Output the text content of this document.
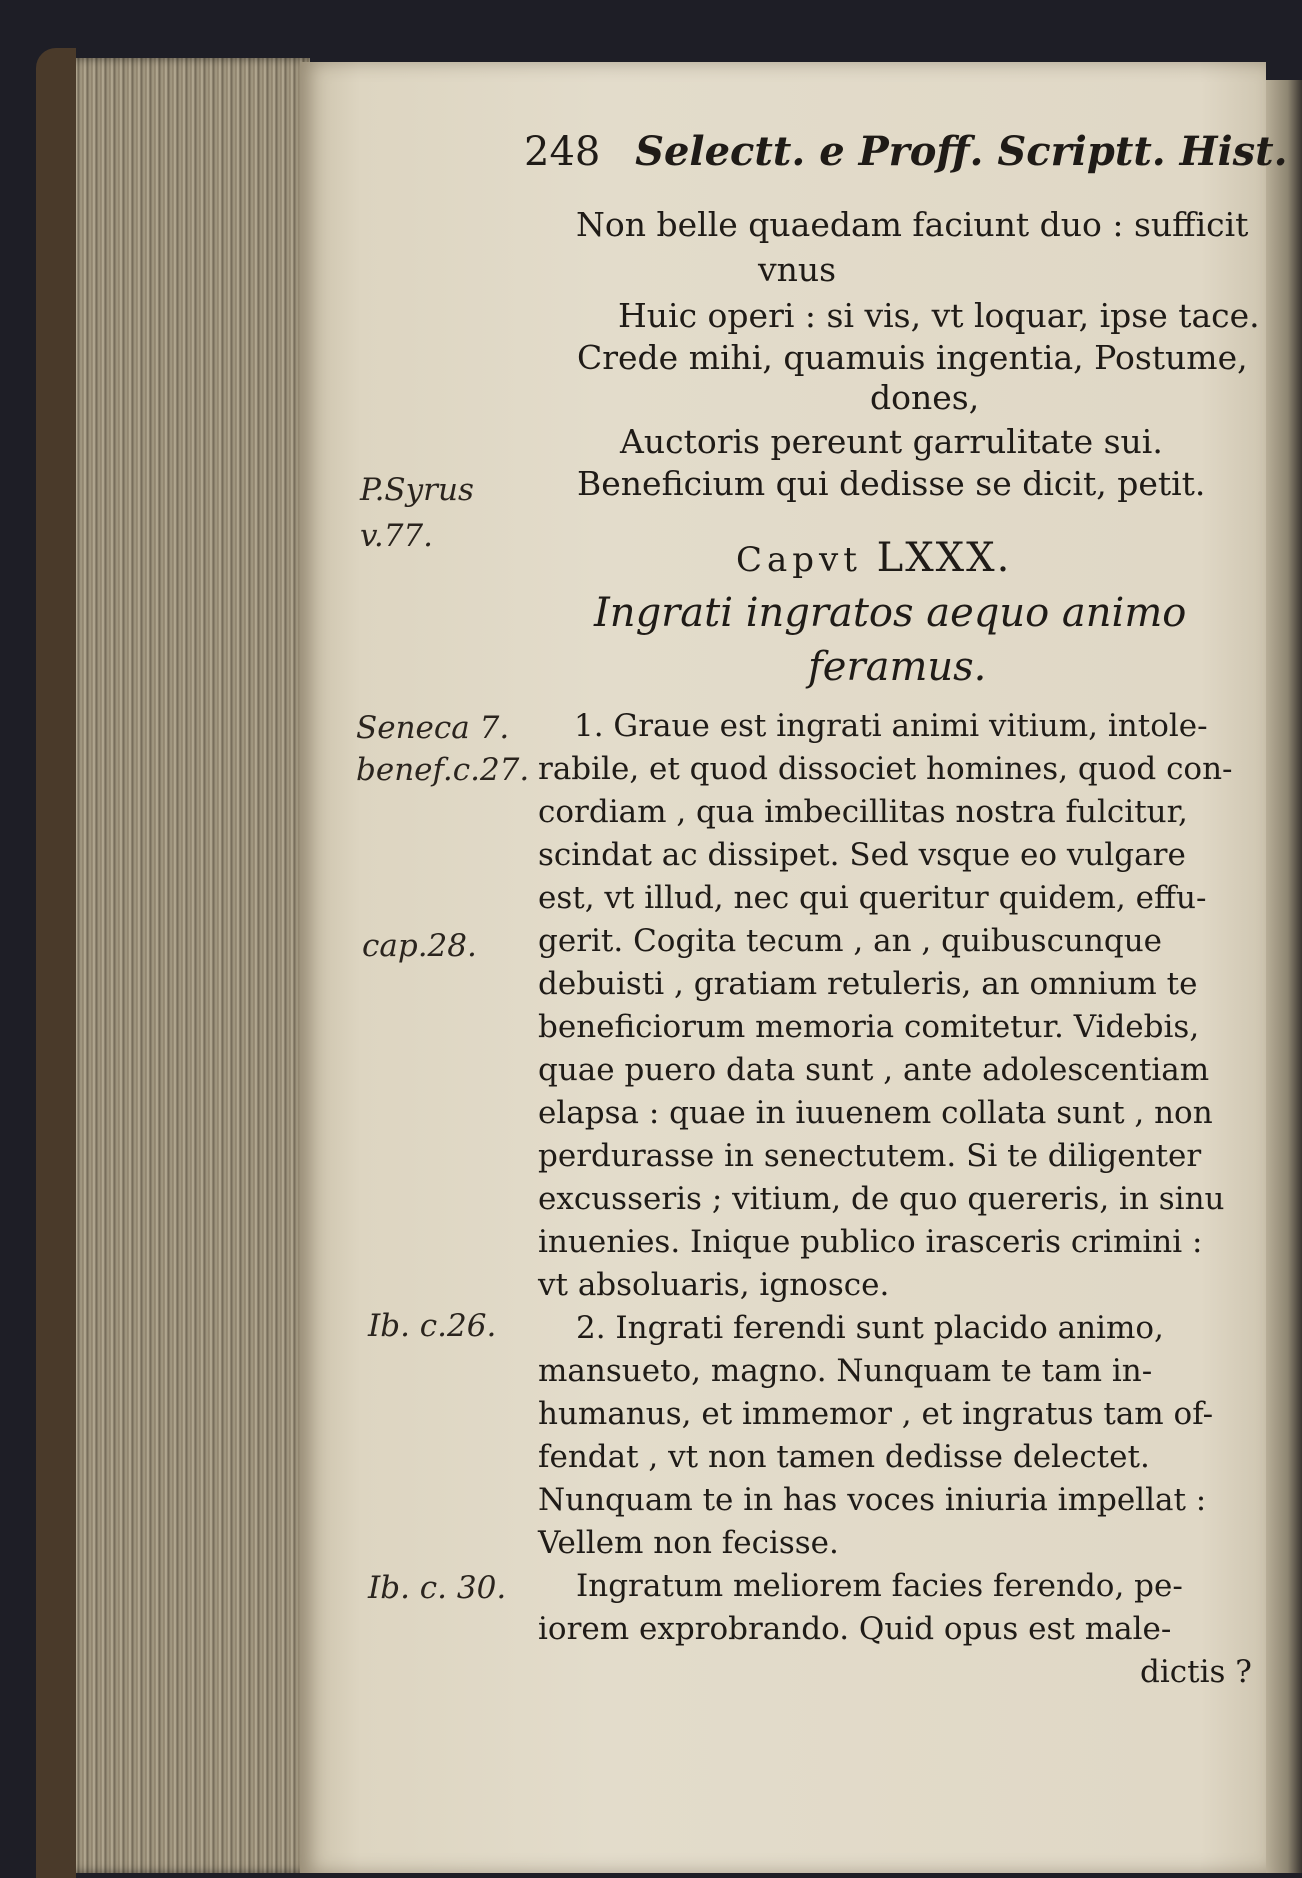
248 Selectt. e Proff. Scriptt. Hist.
Non belle quaedam faciunt duo : sufficit
vnus
Huic operi : si vis, vt loquar, ipse tace.
Crede mihi, quamuis ingentia, Postume,
dones,
Auctoris pereunt garrulitate sui.
Beneficium qui dedisse se dicit, petit.
Capvt LXXX.
Ingrati ingratos aequo animo
feramus.
1. Graue est ingrati animi vitium, intole-
rabile, et quod dissociet homines, quod con-
cordiam , qua imbecillitas nostra fulcitur,
scindat ac dissipet. Sed vsque eo vulgare
est, vt illud, nec qui queritur quidem, effu-
gerit. Cogita tecum , an , quibuscunque
debuisti , gratiam retuleris, an omnium te
beneficiorum memoria comitetur. Videbis,
quae puero data sunt , ante adolescentiam
elapsa : quae in iuuenem collata sunt , non
perdurasse in senectutem. Si te diligenter
excusseris ; vitium, de quo quereris, in sinu
inuenies. Inique publico irasceris crimini :
vt absoluaris, ignosce.
2. Ingrati ferendi sunt placido animo,
mansueto, magno. Nunquam te tam in-
humanus, et immemor , et ingratus tam of-
fendat , vt non tamen dedisse delectet.
Nunquam te in has voces iniuria impellat :
Vellem non fecisse.
Ingratum meliorem facies ferendo, pe-
iorem exprobrando. Quid opus est male-
dictis ?
P.Syrus
v.77.
Seneca 7.
benef.c.27.
cap.28.
Ib. c.26.
Ib. c. 30.
